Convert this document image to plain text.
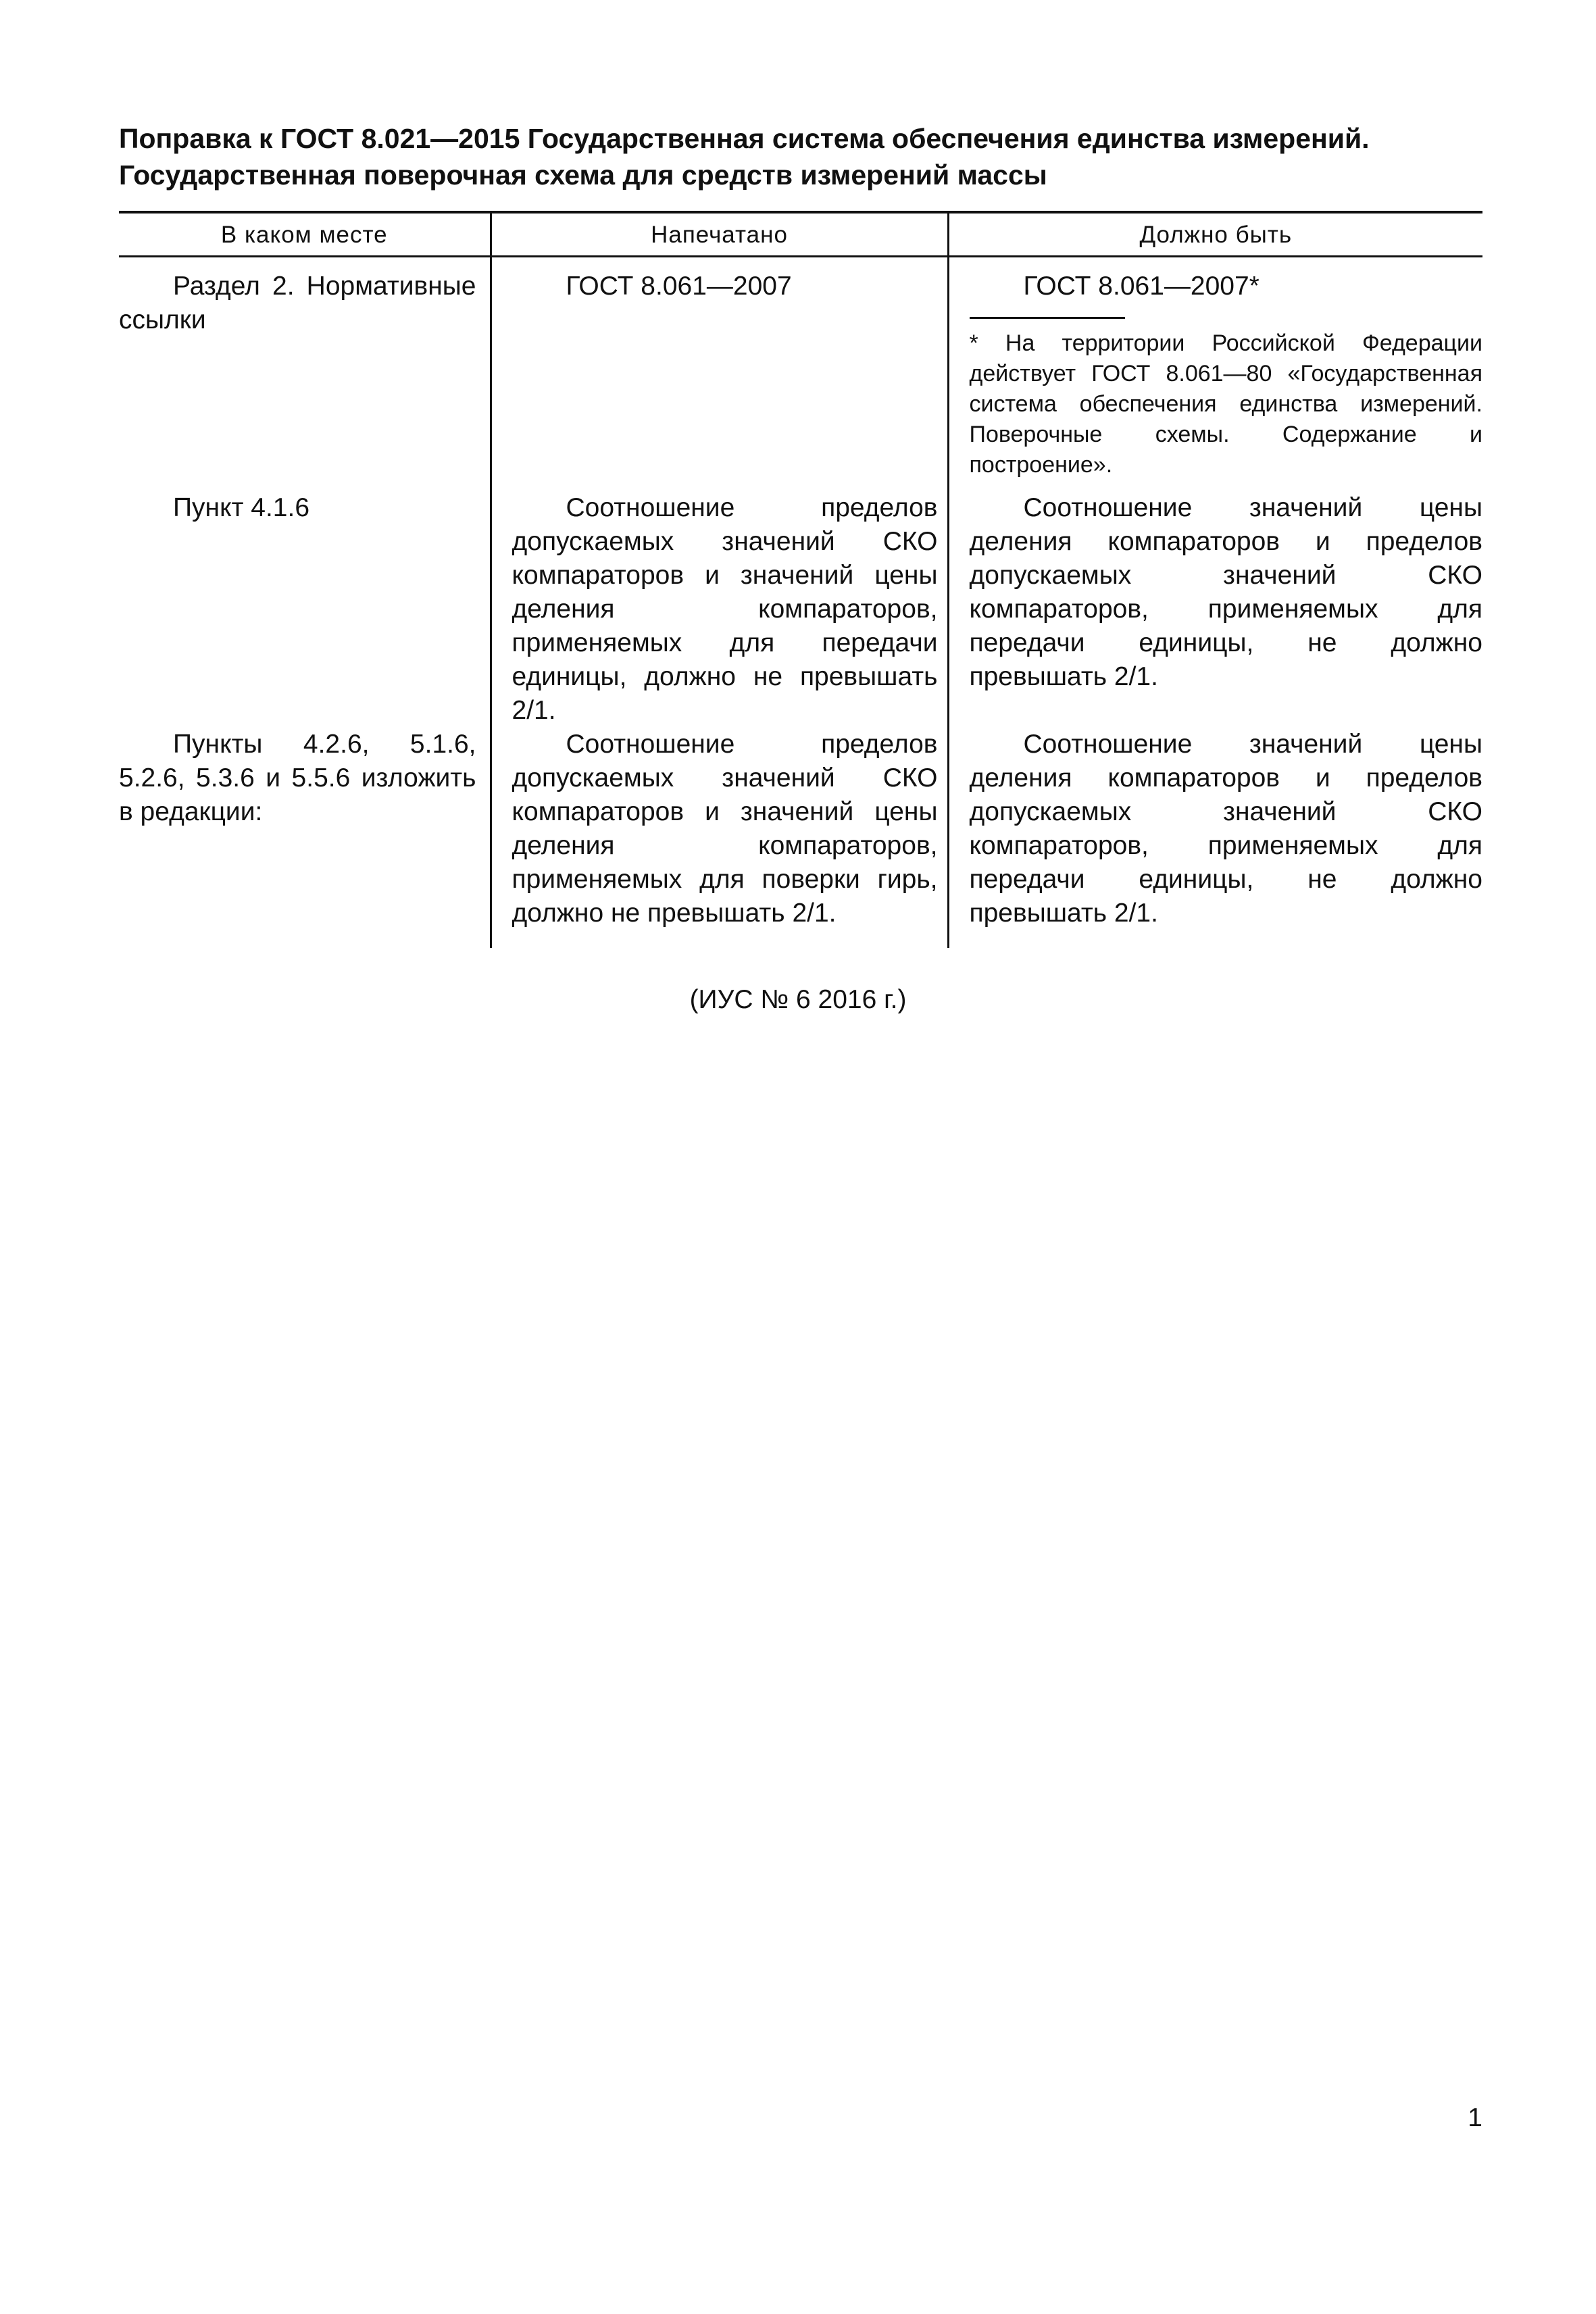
Поправка к ГОСТ 8.021—2015 Государственная система обеспечения единства измерений. Государственная поверочная схема для средств измерений массы
В каком месте	Напечатано	Должно быть
Раздел 2. Нормативные ссылки	ГОСТ 8.061—2007	ГОСТ 8.061—2007*
* На территории Российской Федерации действует ГОСТ 8.061—80 «Государственная система обеспечения единства измерений. Поверочные схемы. Содержание и построение».

Пункт 4.1.6	Соотношение пределов допускаемых значений СКО компараторов и значений цены деления компараторов, применяемых для передачи единицы, должно не превышать 2/1.	Соотношение значений цены деления компараторов и пределов допускаемых значений СКО компараторов, применяемых для передачи единицы, не должно превышать 2/1.
Пункты 4.2.6, 5.1.6, 5.2.6, 5.3.6 и 5.5.6 изложить в редакции:	Соотношение пределов допускаемых значений СКО компараторов и значений цены деления компараторов, применяемых для поверки гирь, должно не превышать 2/1.	Соотношение значений цены деления компараторов и пределов допускаемых значений СКО компараторов, применяемых для передачи единицы, не должно превышать 2/1.
(ИУС № 6 2016 г.)
1
